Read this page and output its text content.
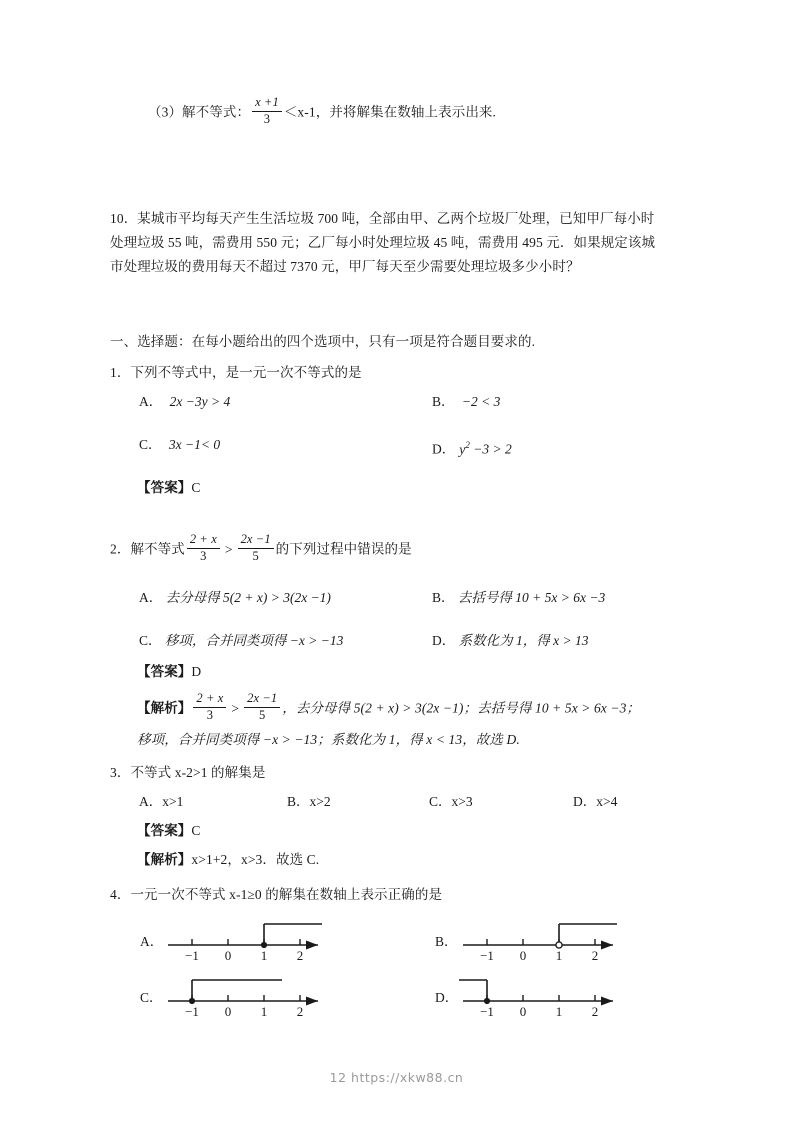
（3）解不等式： $\frac{x +1}{3} <x-1$，并将解集在数轴上表示出来.
10．某城市平均每天产生生活垃圾 700 吨，全部由甲、乙两个垃圾厂处理，已知甲厂每小时
处理垃圾 55 吨，需费用 550 元；乙厂每小时处理垃圾 45 吨，需费用 495 元．如果规定该城
市处理垃圾的费用每天不超过 7370 元，甲厂每天至少需要处理垃圾多少小时？
一、选择题：在每小题给出的四个选项中，只有一项是符合题目要求的.
1．下列不等式中，是一元一次不等式的是
A． 2x −3y > 4	B． −2 < 3
C． 3x −1< 0	D． $y^2 -3 > 2$
【答案】C
2．解不等式 $\frac{2 + x}{3} > \frac{2x -1}{5}$ 的下列过程中错误的是
A． 去分母得 5(2 + x) > 3(2x −1)	B． 去括号得 10 + 5x > 6x −3
C． 移项，合并同类项得 −x > −13	D． 系数化为 1，得 x > 13
【答案】D
【解析】 $\frac{2 + x}{3} > \frac{2x -1}{5}$ ，去分母得 5(2 + x) > 3(2x −1)；去括号得 10 + 5x > 6x −3；
移项，合并同类项得 −x > −13；系数化为 1，得 x < 13，故选 D.
3．不等式 x-2>1 的解集是
A．x>1	B．x>2	C．x>3	D．x>4
【答案】C
【解析】x>1+2，x>3．故选 C.
4．一元一次不等式 x-1≥0 的解集在数轴上表示正确的是
A．
−1 0 1 2
B．
−1 0 1 2
C．
−1 0 1 2
D．
−1 0 1 2
12 https://xkw88.cn
